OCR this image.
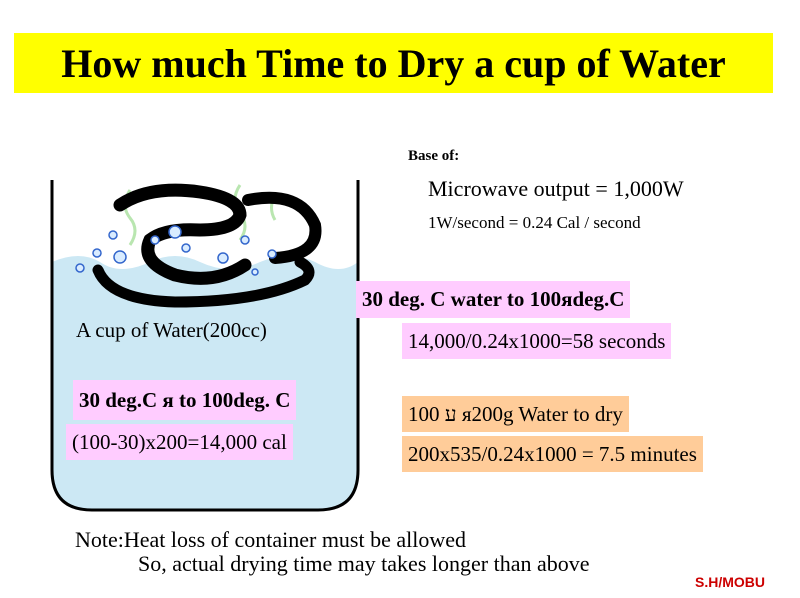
How much Time to Dry a cup of Water
Base of:
Microwave output = 1,000W
1W/second = 0.24 Cal / second
A cup of Water(200cc)
30 deg.C я to 100deg. C
(100-30)x200=14,000 cal
30 deg. C water to 100яdeg.C
14,000/0.24x1000=58 seconds
100 ע я200g Water to dry
200x535/0.24x1000 = 7.5 minutes
Note:Heat loss of container must be allowed
So, actual drying time may takes longer than above
S.H/MOBU
